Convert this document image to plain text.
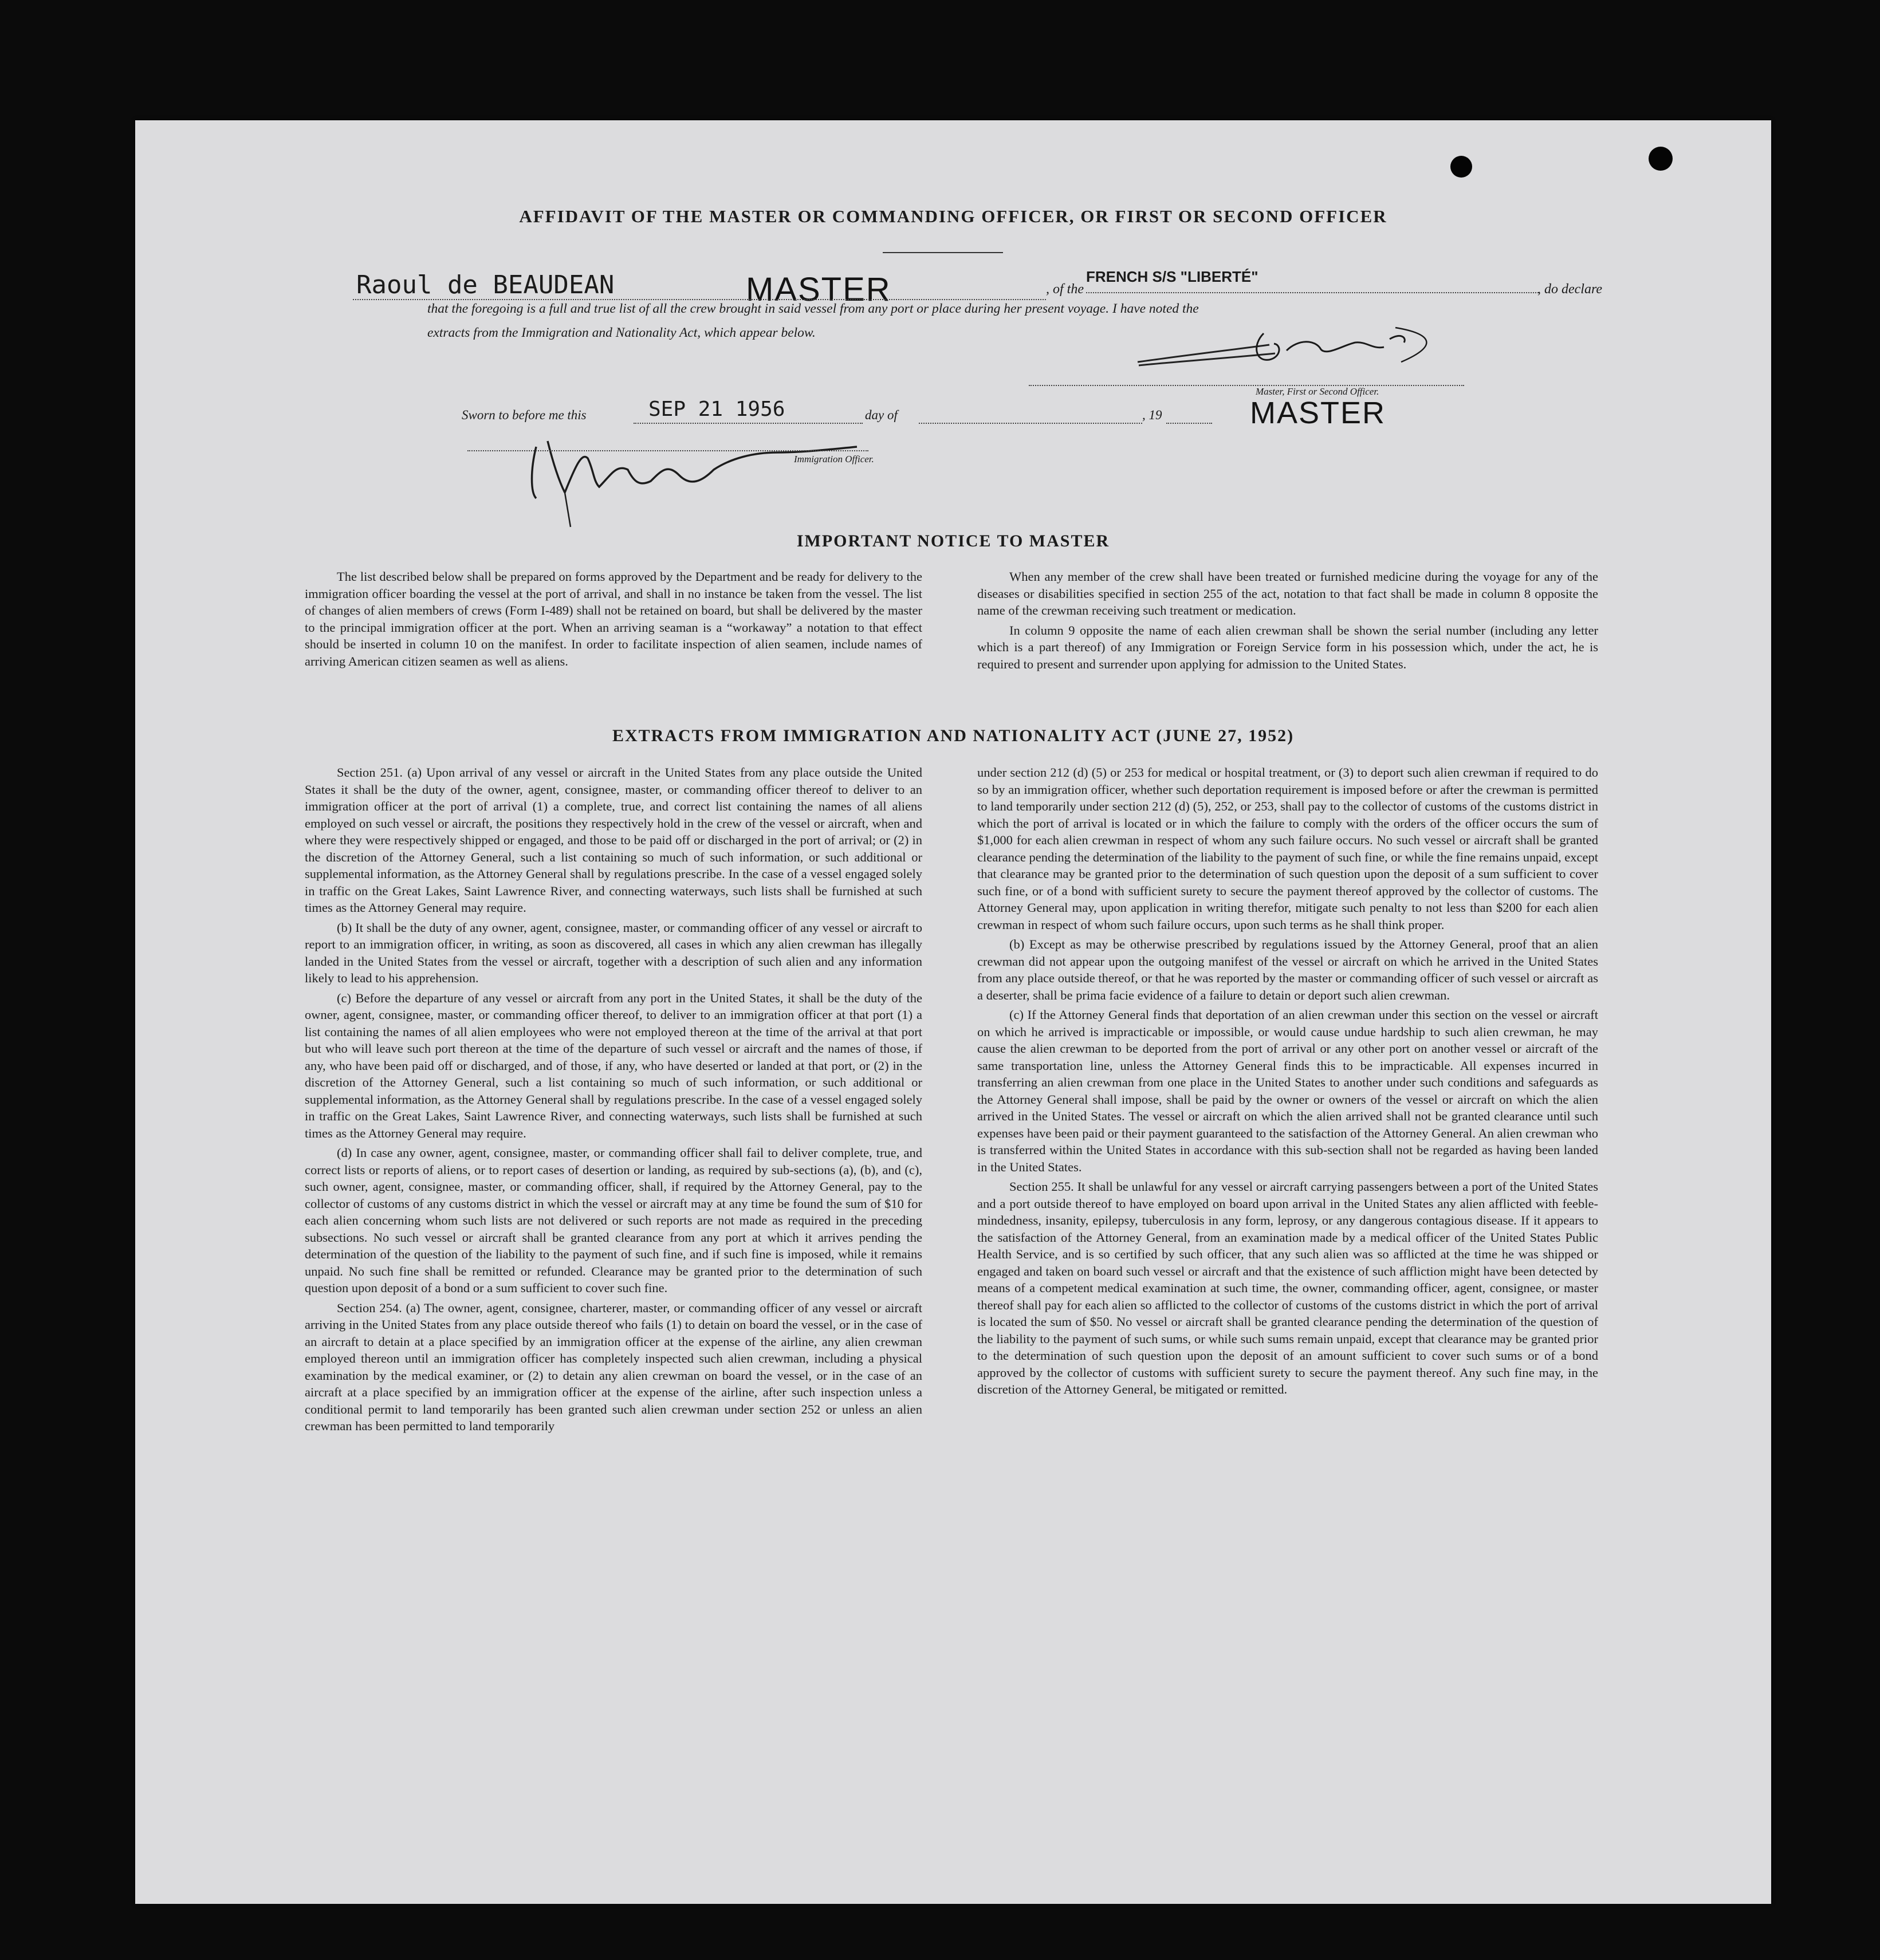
AFFIDAVIT OF THE MASTER OR COMMANDING OFFICER, OR FIRST OR SECOND OFFICER
Raoul de BEAUDEAN	MASTER	, of the
FRENCH S/S "LIBERTÉ"
, do declare
that the foregoing is a full and true list of all the crew brought in said vessel from any port or place during her present voyage. I have noted the
extracts from the Immigration and Nationality Act, which appear below.
Master, First or Second Officer.
MASTER
Sworn to before me this	SEP 21 1956	day of	, 19
Immigration Officer.
IMPORTANT NOTICE TO MASTER

The list described below shall be prepared on forms approved by the Department and be ready for delivery to the immigration officer boarding the vessel at the port of arrival, and shall in no instance be taken from the vessel. The list of changes of alien members of crews (Form I-489) shall not be retained on board, but shall be delivered by the master to the principal immigration officer at the port. When an arriving seaman is a “workaway” a notation to that effect should be inserted in column 10 on the manifest. In order to facilitate inspection of alien seamen, include names of arriving American citizen seamen as well as aliens.

When any member of the crew shall have been treated or furnished medicine during the voyage for any of the diseases or disabilities specified in section 255 of the act, notation to that fact shall be made in column 8 opposite the name of the crewman receiving such treatment or medication.

In column 9 opposite the name of each alien crewman shall be shown the serial number (including any letter which is a part thereof) of any Immigration or Foreign Service form in his possession which, under the act, he is required to present and surrender upon applying for admission to the United States.

EXTRACTS FROM IMMIGRATION AND NATIONALITY ACT (JUNE 27, 1952)

Section 251. (a) Upon arrival of any vessel or aircraft in the United States from any place outside the United States it shall be the duty of the owner, agent, consignee, master, or commanding officer thereof to deliver to an immigration officer at the port of arrival (1) a complete, true, and correct list containing the names of all aliens employed on such vessel or aircraft, the positions they respectively hold in the crew of the vessel or aircraft, when and where they were respectively shipped or engaged, and those to be paid off or discharged in the port of arrival; or (2) in the discretion of the Attorney General, such a list containing so much of such information, or such additional or supplemental information, as the Attorney General shall by regulations prescribe. In the case of a vessel engaged solely in traffic on the Great Lakes, Saint Lawrence River, and connecting waterways, such lists shall be furnished at such times as the Attorney General may require.

(b) It shall be the duty of any owner, agent, consignee, master, or commanding officer of any vessel or aircraft to report to an immigration officer, in writing, as soon as discovered, all cases in which any alien crewman has illegally landed in the United States from the vessel or aircraft, together with a description of such alien and any information likely to lead to his apprehension.

(c) Before the departure of any vessel or aircraft from any port in the United States, it shall be the duty of the owner, agent, consignee, master, or commanding officer thereof, to deliver to an immigration officer at that port (1) a list containing the names of all alien employees who were not employed thereon at the time of the arrival at that port but who will leave such port thereon at the time of the departure of such vessel or aircraft and the names of those, if any, who have been paid off or discharged, and of those, if any, who have deserted or landed at that port, or (2) in the discretion of the Attorney General, such a list containing so much of such information, or such additional or supplemental information, as the Attorney General shall by regulations prescribe. In the case of a vessel engaged solely in traffic on the Great Lakes, Saint Lawrence River, and connecting waterways, such lists shall be furnished at such times as the Attorney General may require.

(d) In case any owner, agent, consignee, master, or commanding officer shall fail to deliver complete, true, and correct lists or reports of aliens, or to report cases of desertion or landing, as required by sub-sections (a), (b), and (c), such owner, agent, consignee, master, or commanding officer, shall, if required by the Attorney General, pay to the collector of customs of any customs district in which the vessel or aircraft may at any time be found the sum of $10 for each alien concerning whom such lists are not delivered or such reports are not made as required in the preceding subsections. No such vessel or aircraft shall be granted clearance from any port at which it arrives pending the determination of the question of the liability to the payment of such fine, and if such fine is imposed, while it remains unpaid. No such fine shall be remitted or refunded. Clearance may be granted prior to the determination of such question upon deposit of a bond or a sum sufficient to cover such fine.

Section 254. (a) The owner, agent, consignee, charterer, master, or commanding officer of any vessel or aircraft arriving in the United States from any place outside thereof who fails (1) to detain on board the vessel, or in the case of an aircraft to detain at a place specified by an immigration officer at the expense of the airline, any alien crewman employed thereon until an immigration officer has completely inspected such alien crewman, including a physical examination by the medical examiner, or (2) to detain any alien crewman on board the vessel, or in the case of an aircraft at a place specified by an immigration officer at the expense of the airline, after such inspection unless a conditional permit to land temporarily has been granted such alien crewman under section 252 or unless an alien crewman has been permitted to land temporarily

under section 212 (d) (5) or 253 for medical or hospital treatment, or (3) to deport such alien crewman if required to do so by an immigration officer, whether such deportation requirement is imposed before or after the crewman is permitted to land temporarily under section 212 (d) (5), 252, or 253, shall pay to the collector of customs of the customs district in which the port of arrival is located or in which the failure to comply with the orders of the officer occurs the sum of $1,000 for each alien crewman in respect of whom any such failure occurs. No such vessel or aircraft shall be granted clearance pending the determination of the liability to the payment of such fine, or while the fine remains unpaid, except that clearance may be granted prior to the determination of such question upon the deposit of a sum sufficient to cover such fine, or of a bond with sufficient surety to secure the payment thereof approved by the collector of customs. The Attorney General may, upon application in writing therefor, mitigate such penalty to not less than $200 for each alien crewman in respect of whom such failure occurs, upon such terms as he shall think proper.

(b) Except as may be otherwise prescribed by regulations issued by the Attorney General, proof that an alien crewman did not appear upon the outgoing manifest of the vessel or aircraft on which he arrived in the United States from any place outside thereof, or that he was reported by the master or commanding officer of such vessel or aircraft as a deserter, shall be prima facie evidence of a failure to detain or deport such alien crewman.

(c) If the Attorney General finds that deportation of an alien crewman under this section on the vessel or aircraft on which he arrived is impracticable or impossible, or would cause undue hardship to such alien crewman, he may cause the alien crewman to be deported from the port of arrival or any other port on another vessel or aircraft of the same transportation line, unless the Attorney General finds this to be impracticable. All expenses incurred in transferring an alien crewman from one place in the United States to another under such conditions and safeguards as the Attorney General shall impose, shall be paid by the owner or owners of the vessel or aircraft on which the alien arrived in the United States. The vessel or aircraft on which the alien arrived shall not be granted clearance until such expenses have been paid or their payment guaranteed to the satisfaction of the Attorney General. An alien crewman who is transferred within the United States in accordance with this sub-section shall not be regarded as having been landed in the United States.

Section 255. It shall be unlawful for any vessel or aircraft carrying passengers between a port of the United States and a port outside thereof to have employed on board upon arrival in the United States any alien afflicted with feeble-mindedness, insanity, epilepsy, tuberculosis in any form, leprosy, or any dangerous contagious disease. If it appears to the satisfaction of the Attorney General, from an examination made by a medical officer of the United States Public Health Service, and is so certified by such officer, that any such alien was so afflicted at the time he was shipped or engaged and taken on board such vessel or aircraft and that the existence of such affliction might have been detected by means of a competent medical examination at such time, the owner, commanding officer, agent, consignee, or master thereof shall pay for each alien so afflicted to the collector of customs of the customs district in which the port of arrival is located the sum of $50. No vessel or aircraft shall be granted clearance pending the determination of the question of the liability to the payment of such sums, or while such sums remain unpaid, except that clearance may be granted prior to the determination of such question upon the deposit of an amount sufficient to cover such sums or of a bond approved by the collector of customs with sufficient surety to secure the payment thereof. Any such fine may, in the discretion of the Attorney General, be mitigated or remitted.
